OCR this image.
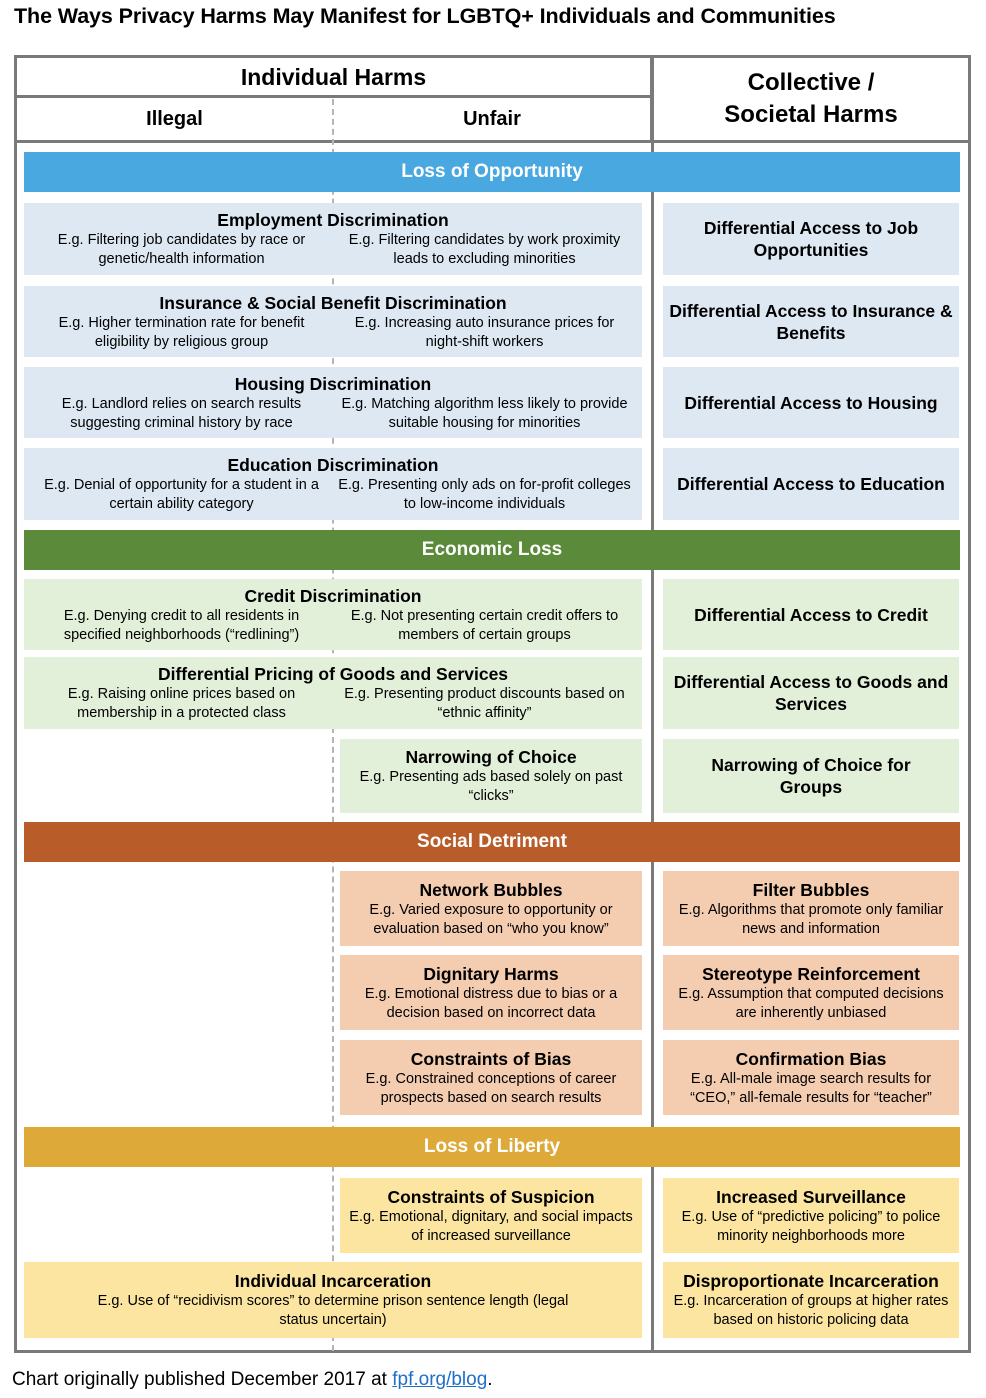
The Ways Privacy Harms May Manifest for LGBTQ+ Individuals and Communities
Individual Harms
Illegal	Unfair
Collective /
Societal Harms
Loss of Opportunity
Employment Discrimination
E.g. Filtering job candidates by race or genetic/health information
E.g. Filtering candidates by work proximity leads to excluding minorities
Differential Access to Job Opportunities
Insurance & Social Benefit Discrimination
E.g. Higher termination rate for benefit eligibility by religious group
E.g. Increasing auto insurance prices for night-shift workers
Differential Access to Insurance & Benefits
Housing Discrimination
E.g. Landlord relies on search results suggesting criminal history by race
E.g. Matching algorithm less likely to provide suitable housing for minorities
Differential Access to Housing
Education Discrimination
E.g. Denial of opportunity for a student in a certain ability category
E.g. Presenting only ads on for-profit colleges to low-income individuals
Differential Access to Education
Economic Loss
Credit Discrimination
E.g. Denying credit to all residents in specified neighborhoods (“redlining”)
E.g. Not presenting certain credit offers to members of certain groups
Differential Access to Credit
Differential Pricing of Goods and Services
E.g. Raising online prices based on membership in a protected class
E.g. Presenting product discounts based on “ethnic affinity”
Differential Access to Goods and Services
Narrowing of Choice
E.g. Presenting ads based solely on past “clicks”
Narrowing of Choice for Groups
Social Detriment
Network Bubbles
E.g. Varied exposure to opportunity or evaluation based on “who you know”
Filter Bubbles
E.g. Algorithms that promote only familiar news and information
Dignitary Harms
E.g. Emotional distress due to bias or a decision based on incorrect data
Stereotype Reinforcement
E.g. Assumption that computed decisions are inherently unbiased
Constraints of Bias
E.g. Constrained conceptions of career prospects based on search results
Confirmation Bias
E.g. All-male image search results for “CEO,” all-female results for “teacher”
Loss of Liberty
Constraints of Suspicion
E.g. Emotional, dignitary, and social impacts of increased surveillance
Increased Surveillance
E.g. Use of “predictive policing” to police minority neighborhoods more
Individual Incarceration
E.g. Use of “recidivism scores” to determine prison sentence length (legal status uncertain)
Disproportionate Incarceration
E.g. Incarceration of groups at higher rates based on historic policing data
Chart originally published December 2017 at fpf.org/blog.
